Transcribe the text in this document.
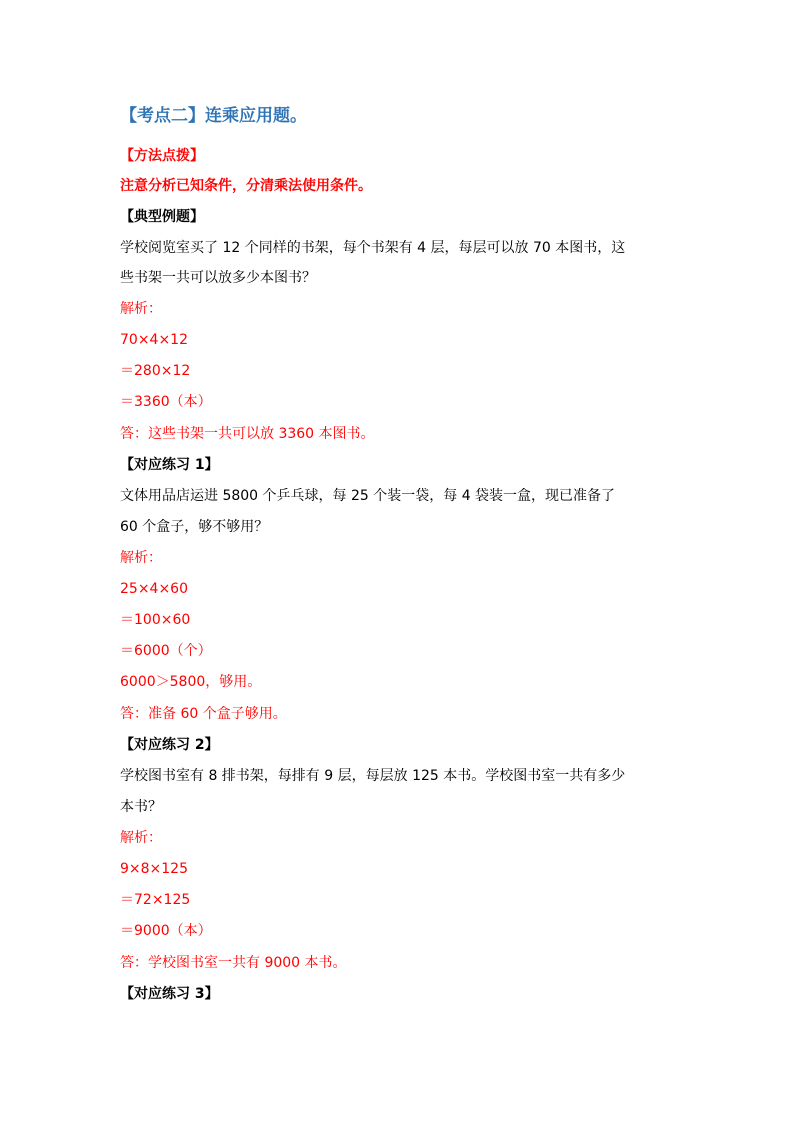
【考点二】连乘应用题。
【方法点拨】
注意分析已知条件，分清乘法使用条件。
【典型例题】
学校阅览室买了 12 个同样的书架，每个书架有 4 层，每层可以放 70 本图书，这
些书架一共可以放多少本图书？
解析：
70×4×12
＝280×12
＝3360（本）
答：这些书架一共可以放 3360 本图书。
【对应练习 1】
文体用品店运进 5800 个乒乓球，每 25 个装一袋，每 4 袋装一盒，现已准备了
60 个盒子，够不够用？
解析：
25×4×60
＝100×60
＝6000（个）
6000＞5800，够用。
答：准备 60 个盒子够用。
【对应练习 2】
学校图书室有 8 排书架，每排有 9 层，每层放 125 本书。学校图书室一共有多少
本书？
解析：
9×8×125
＝72×125
＝9000（本）
答：学校图书室一共有 9000 本书。
【对应练习 3】
